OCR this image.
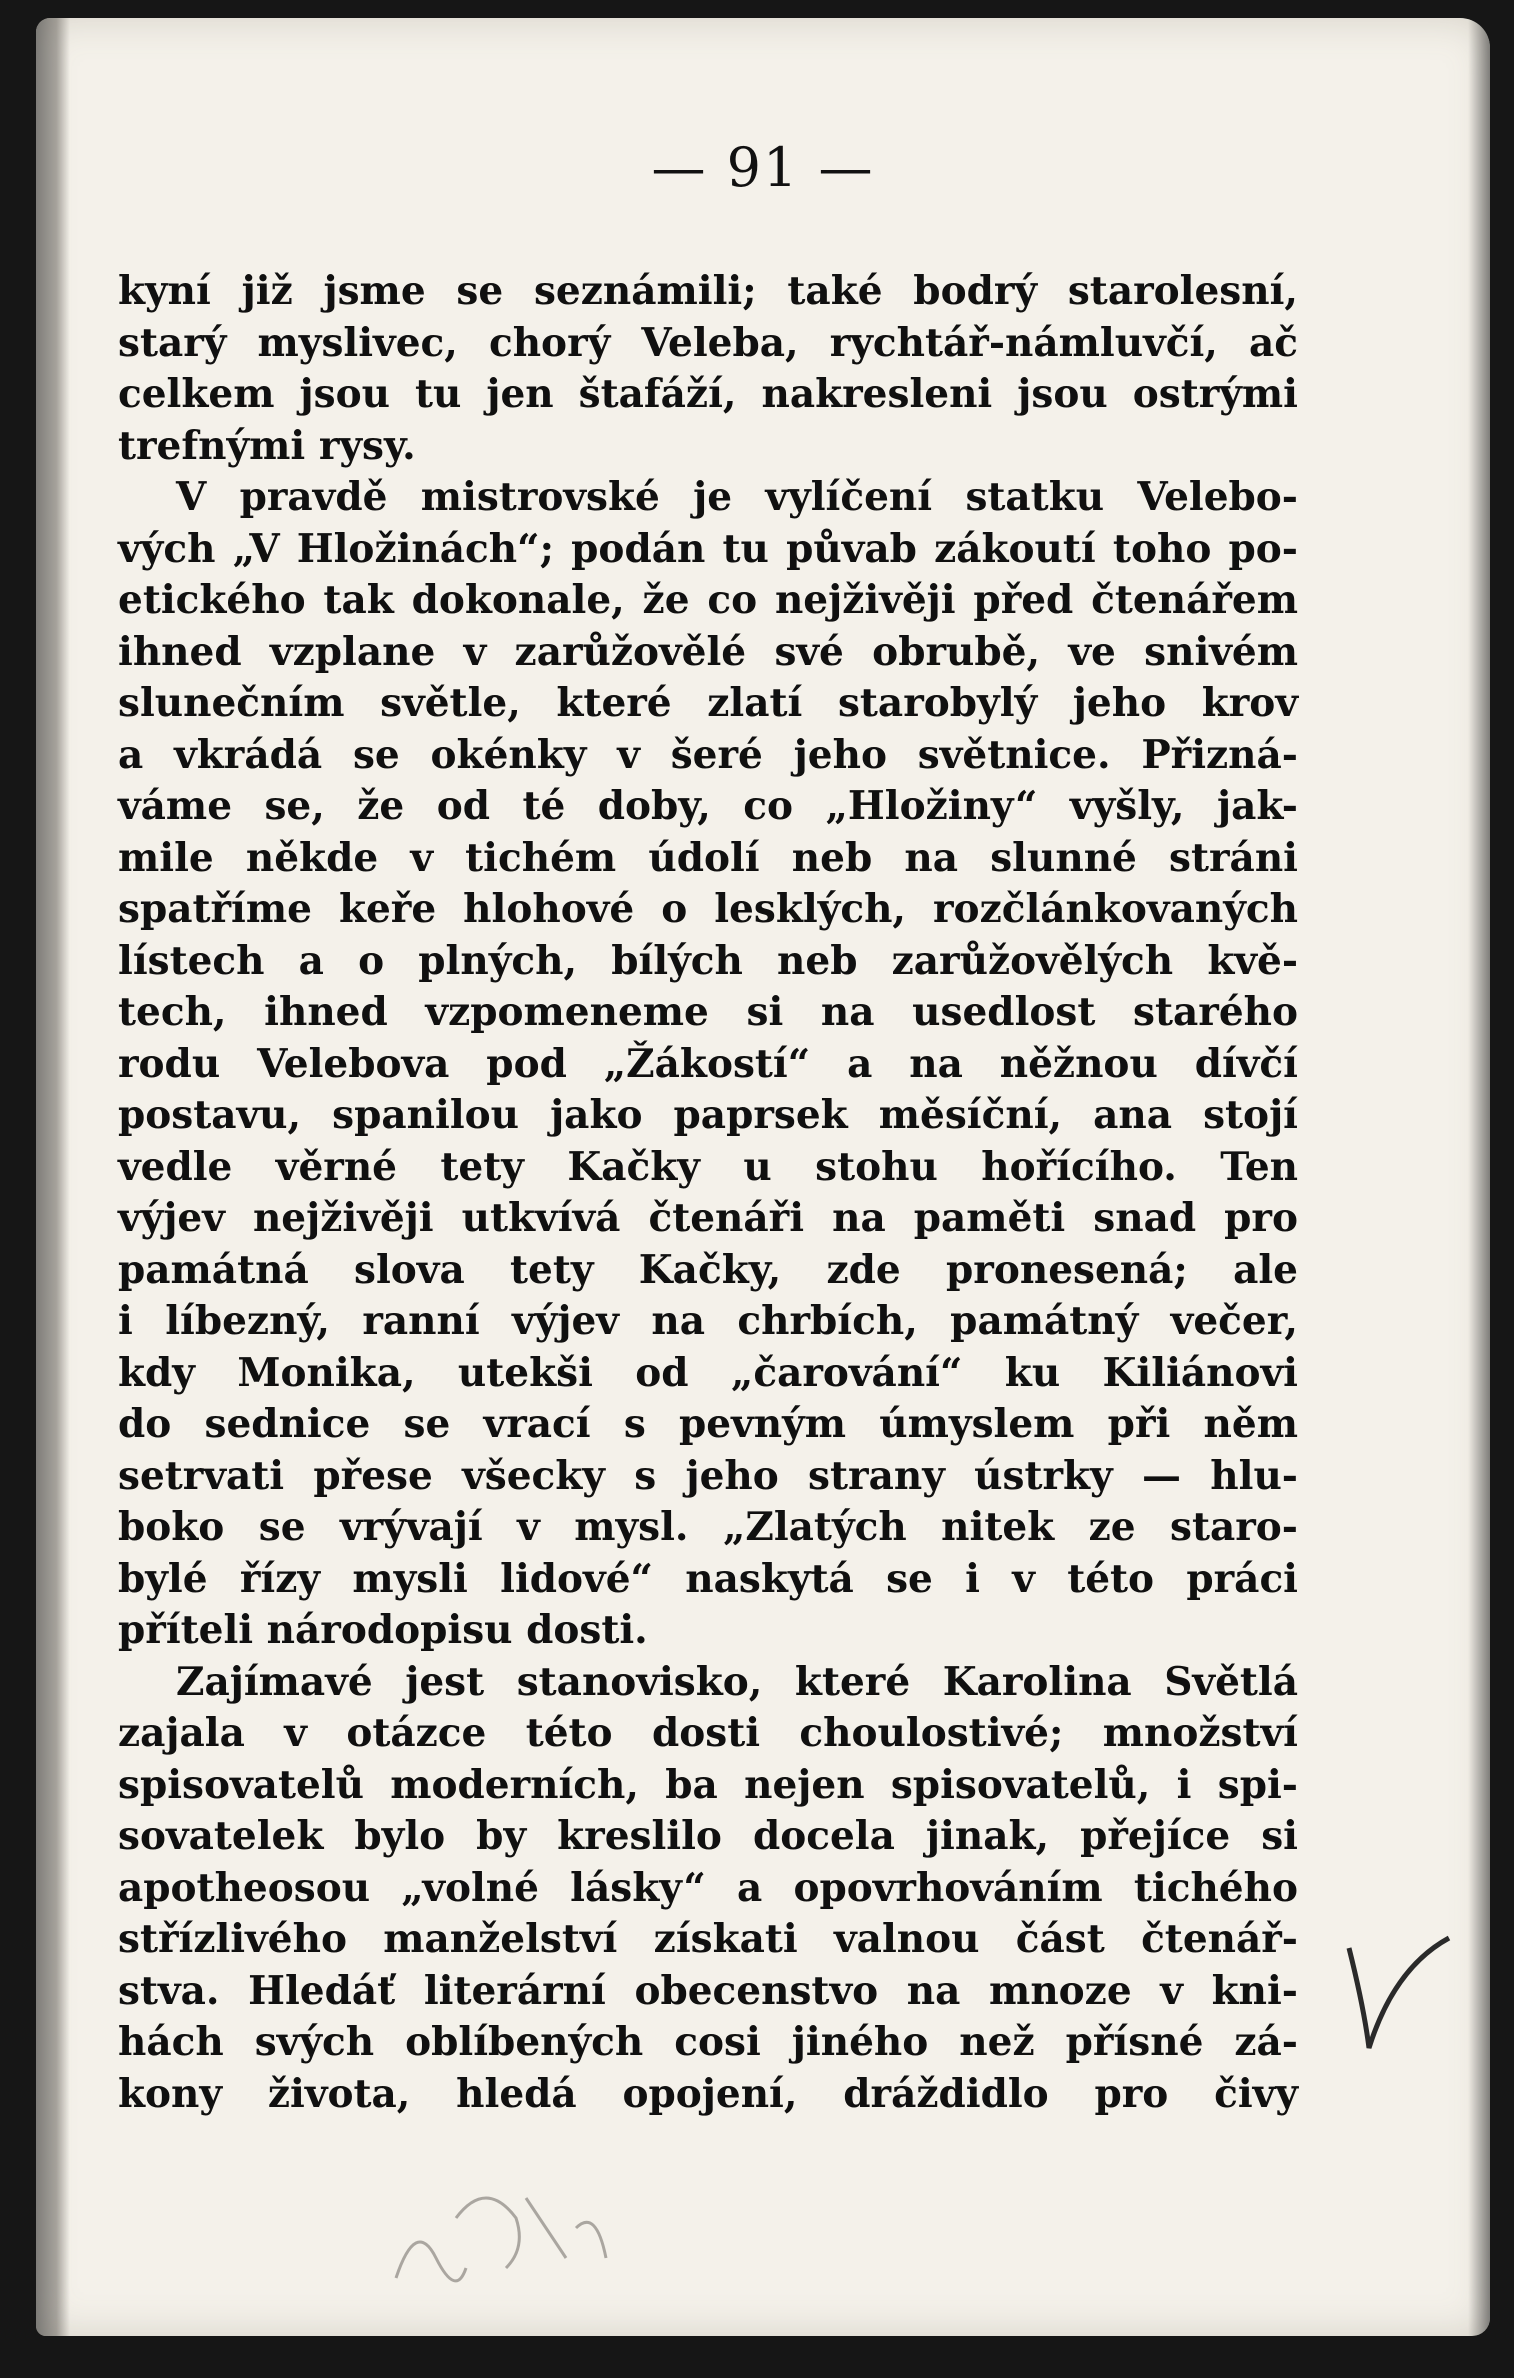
— 91 —
kyní již jsme se seznámili; také bodrý starolesní,
starý myslivec, chorý Veleba, rychtář-námluvčí, ač
celkem jsou tu jen štafáží, nakresleni jsou ostrými
trefnými rysy.
V pravdě mistrovské je vylíčení statku Velebo-
vých „V Hložinách“; podán tu půvab zákoutí toho po-
etického tak dokonale, že co nejživěji před čtenářem
ihned vzplane v zarůžovělé své obrubě, ve snivém
slunečním světle, které zlatí starobylý jeho krov
a vkrádá se okénky v šeré jeho světnice. Přizná-
váme se, že od té doby, co „Hložiny“ vyšly, jak-
mile někde v tichém údolí neb na slunné stráni
spatříme keře hlohové o lesklých, rozčlánkovaných
lístech a o plných, bílých neb zarůžovělých kvě-
tech, ihned vzpomeneme si na usedlost starého
rodu Velebova pod „Žákostí“ a na něžnou dívčí
postavu, spanilou jako paprsek měsíční, ana stojí
vedle věrné tety Kačky u stohu hořícího. Ten
výjev nejživěji utkvívá čtenáři na paměti snad pro
památná slova tety Kačky, zde pronesená; ale
i líbezný, ranní výjev na chrbích, památný večer,
kdy Monika, utekši od „čarování“ ku Kiliánovi
do sednice se vrací s pevným úmyslem při něm
setrvati přese všecky s jeho strany ústrky — hlu-
boko se vrývají v mysl. „Zlatých nitek ze staro-
bylé řízy mysli lidové“ naskytá se i v této práci
příteli národopisu dosti.
Zajímavé jest stanovisko, které Karolina Světlá
zajala v otázce této dosti choulostivé; množství
spisovatelů moderních, ba nejen spisovatelů, i spi-
sovatelek bylo by kreslilo docela jinak, přejíce si
apotheosou „volné lásky“ a opovrhováním tichého
střízlivého manželství získati valnou část čtenář-
stva. Hledáť literární obecenstvo na mnoze v kni-
hách svých oblíbených cosi jiného než přísné zá-
kony života, hledá opojení, dráždidlo pro čivy
